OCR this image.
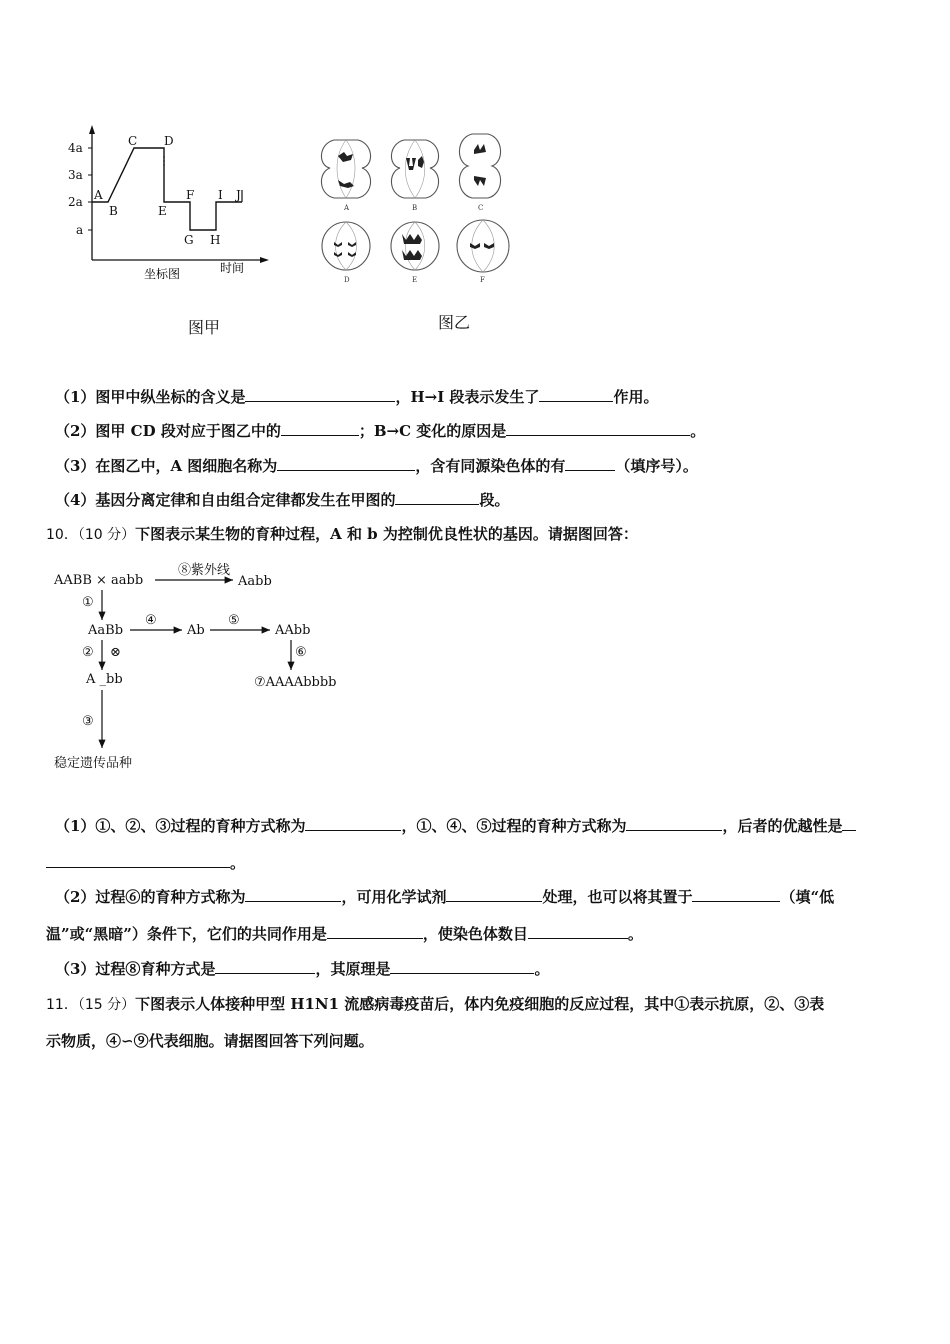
4a
3a
2a
a
A
B
C D
E
F
G H
I J
坐标图	时间
图甲
A	B	C
D	E	F
图乙
（1）图甲中纵坐标的含义是	，H→I 段表示发生了	作用。
（2）图甲 CD 段对应于图乙中的	；B→C 变化的原因是	。
（3）在图乙中，A 图细胞名称为	，含有同源染色体的有	（填序号）。
（4）基因分离定律和自由组合定律都发生在甲图的	段。
10．（10 分）下图表示某生物的育种过程，A 和 b 为控制优良性状的基因。请据图回答：
AABB × aabb
⑧紫外线
Aabb
AaBb	Ab	AAbb
A _bb	⑦AAAAbbbb
稳定遗传品种
①
② ⊗
③
④	⑤
⑥
（1）①、②、③过程的育种方式称为	，①、④、⑤过程的育种方式称为	，后者的优越性是
。
（2）过程⑥的育种方式称为	，可用化学试剂	处理，也可以将其置于	（填“低
温”或“黑暗”）条件下，它们的共同作用是	，使染色体数目	。
（3）过程⑧育种方式是	，其原理是	。
11．（15 分）下图表示人体接种甲型 H1N1 流感病毒疫苗后，体内免疫细胞的反应过程，其中①表示抗原，②、③表
示物质，④∽⑨代表细胞。请据图回答下列问题。
